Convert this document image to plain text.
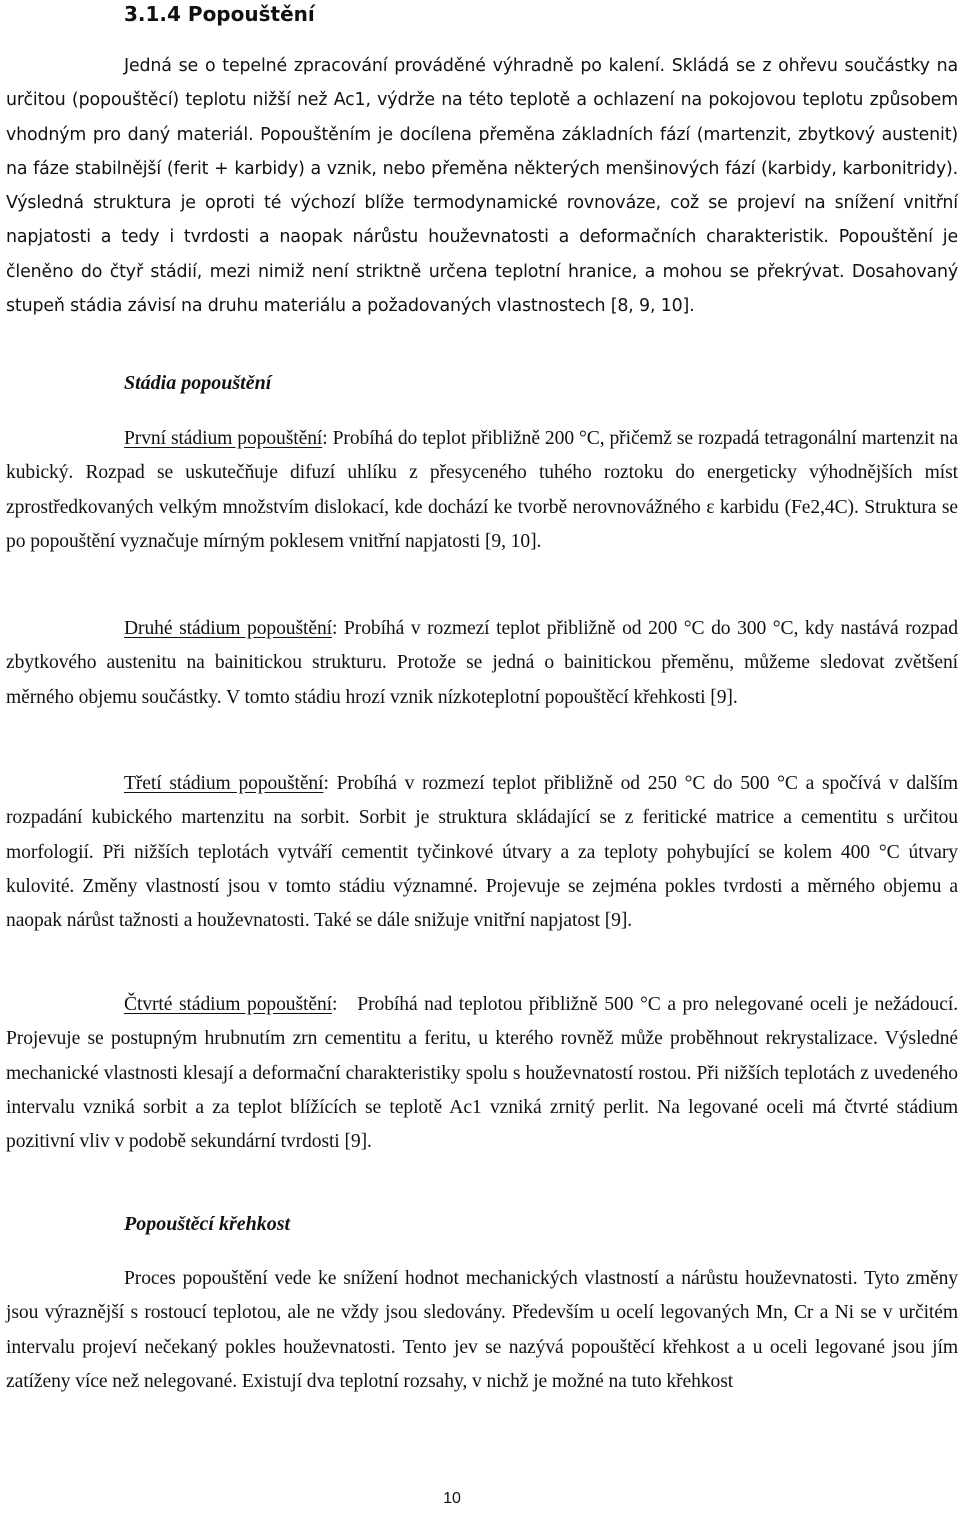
3.1.4 Popouštění

Jedná se o tepelné zpracování prováděné výhradně po kalení. Skládá se z ohřevu součástky na určitou (popouštěcí) teplotu nižší než Ac1, výdrže na této teplotě a ochlazení na pokojovou teplotu způsobem vhodným pro daný materiál. Popouštěním je docílena přeměna základních fází (martenzit, zbytkový austenit) na fáze stabilnější (ferit + karbidy) a vznik, nebo přeměna některých menšinových fází (karbidy, karbonitridy). Výsledná struktura je oproti té výchozí blíže termodynamické rovnováze, což se projeví na snížení vnitřní napjatosti a tedy i tvrdosti a naopak nárůstu houževnatosti a deformačních charakteristik. Popouštění je členěno do čtyř stádií, mezi nimiž není striktně určena teplotní hranice, a mohou se překrývat. Dosahovaný stupeň stádia závisí na druhu materiálu a požadovaných vlastnostech [8, 9, 10].

Stádia popouštění

První stádium popouštění: Probíhá do teplot přibližně 200 °C, přičemž se rozpadá tetragonální martenzit na kubický. Rozpad se uskutečňuje difuzí uhlíku z přesyceného tuhého roztoku do energeticky výhodnějších míst zprostředkovaných velkým množstvím dislokací, kde dochází ke tvorbě nerovnovážného ε karbidu (Fe2,4C). Struktura se po popouštění vyznačuje mírným poklesem vnitřní napjatosti [9, 10].

Druhé stádium popouštění: Probíhá v rozmezí teplot přibližně od 200 °C do 300 °C, kdy nastává rozpad zbytkového austenitu na bainitickou strukturu. Protože se jedná o bainitickou přeměnu, můžeme sledovat zvětšení měrného objemu součástky. V tomto stádiu hrozí vznik nízkoteplotní popouštěcí křehkosti [9].

Třetí stádium popouštění: Probíhá v rozmezí teplot přibližně od 250 °C do 500 °C a spočívá v dalším rozpadání kubického martenzitu na sorbit. Sorbit je struktura skládající se z feritické matrice a cementitu s určitou morfologií. Při nižších teplotách vytváří cementit tyčinkové útvary a za teploty pohybující se kolem 400 °C útvary kulovité. Změny vlastností jsou v tomto stádiu významné. Projevuje se zejména pokles tvrdosti a měrného objemu a naopak nárůst tažnosti a houževnatosti. Také se dále snižuje vnitřní napjatost [9].

Čtvrté stádium popouštění:   Probíhá nad teplotou přibližně 500 °C a pro nelegované oceli je nežádoucí. Projevuje se postupným hrubnutím zrn cementitu a feritu, u kterého rovněž může proběhnout rekrystalizace. Výsledné mechanické vlastnosti klesají a deformační charakteristiky spolu s houževnatostí rostou. Při nižších teplotách z uvedeného intervalu vzniká sorbit a za teplot blížících se teplotě Ac1 vzniká zrnitý perlit. Na legované oceli má čtvrté stádium pozitivní vliv v podobě sekundární tvrdosti [9].

Popouštěcí křehkost

Proces popouštění vede ke snížení hodnot mechanických vlastností a nárůstu houževnatosti. Tyto změny jsou výraznější s rostoucí teplotou, ale ne vždy jsou sledovány. Především u ocelí legovaných Mn, Cr a Ni se v určitém intervalu projeví nečekaný pokles houževnatosti. Tento jev se nazývá popouštěcí křehkost a u oceli legované jsou jím zatíženy více než nelegované. Existují dva teplotní rozsahy, v nichž je možné na tuto křehkost

10
